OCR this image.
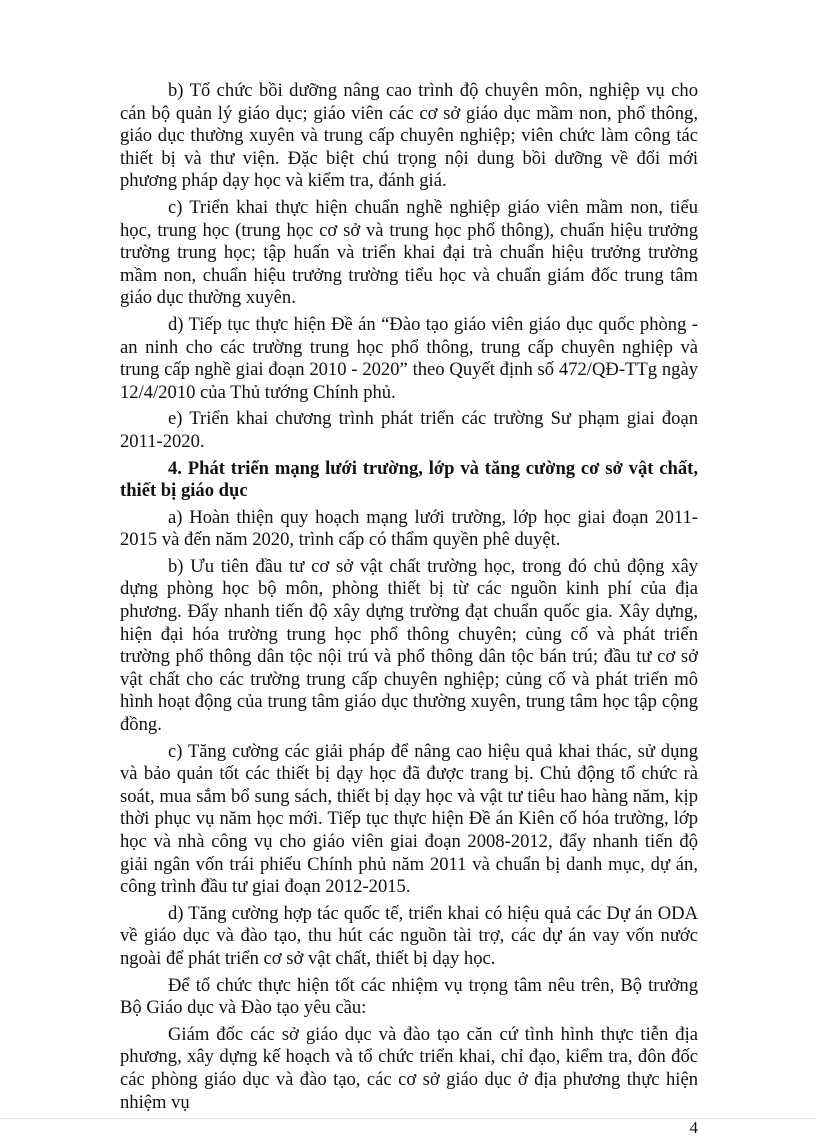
b) Tổ chức bồi dưỡng nâng cao trình độ chuyên môn, nghiệp vụ cho cán bộ quản lý giáo dục; giáo viên các cơ sở giáo dục mầm non, phổ thông, giáo dục thường xuyên và trung cấp chuyên nghiệp; viên chức làm công tác thiết bị và thư viện. Đặc biệt chú trọng nội dung bồi dưỡng về đổi mới phương pháp dạy học và kiểm tra, đánh giá.

c) Triển khai thực hiện chuẩn nghề nghiệp giáo viên mầm non, tiểu học, trung học (trung học cơ sở và trung học phổ thông), chuẩn hiệu trưởng trường trung học; tập huấn và triển khai đại trà chuẩn hiệu trưởng trường mầm non, chuẩn hiệu trưởng trường tiểu học và chuẩn giám đốc trung tâm giáo dục thường xuyên.

d) Tiếp tục thực hiện Đề án “Đào tạo giáo viên giáo dục quốc phòng - an ninh cho các trường trung học phổ thông, trung cấp chuyên nghiệp và trung cấp nghề giai đoạn 2010 - 2020” theo Quyết định số 472/QĐ-TTg ngày 12/4/2010 của Thủ tướng Chính phủ.

e) Triển khai chương trình phát triển các trường Sư phạm giai đoạn 2011-2020.

4. Phát triển mạng lưới trường, lớp và tăng cường cơ sở vật chất, thiết bị giáo dục

a) Hoàn thiện quy hoạch mạng lưới trường, lớp học giai đoạn 2011-2015 và đến năm 2020, trình cấp có thẩm quyền phê duyệt.

b) Ưu tiên đầu tư cơ sở vật chất trường học, trong đó chủ động xây dựng phòng học bộ môn, phòng thiết bị từ các nguồn kinh phí của địa phương. Đẩy nhanh tiến độ xây dựng trường đạt chuẩn quốc gia. Xây dựng, hiện đại hóa trường trung học phổ thông chuyên; củng cố và phát triển trường phổ thông dân tộc nội trú và phổ thông dân tộc bán trú; đầu tư cơ sở vật chất cho các trường trung cấp chuyên nghiệp; củng cố và phát triển mô hình hoạt động của trung tâm giáo dục thường xuyên, trung tâm học tập cộng đồng.

c) Tăng cường các giải pháp để nâng cao hiệu quả khai thác, sử dụng và bảo quản tốt các thiết bị dạy học đã được trang bị. Chủ động tổ chức rà soát, mua sắm bổ sung sách, thiết bị dạy học và vật tư tiêu hao hàng năm, kịp thời phục vụ năm học mới. Tiếp tục thực hiện Đề án Kiên cố hóa trường, lớp học và nhà công vụ cho giáo viên giai đoạn 2008-2012, đẩy nhanh tiến độ giải ngân vốn trái phiếu Chính phủ năm 2011 và chuẩn bị danh mục, dự án, công trình đầu tư giai đoạn 2012-2015.

d) Tăng cường hợp tác quốc tế, triển khai có hiệu quả các Dự án ODA về giáo dục và đào tạo, thu hút các nguồn tài trợ, các dự án vay vốn nước ngoài để phát triển cơ sở vật chất, thiết bị dạy học.

Để tổ chức thực hiện tốt các nhiệm vụ trọng tâm nêu trên, Bộ trưởng Bộ Giáo dục và Đào tạo yêu cầu:

Giám đốc các sở giáo dục và đào tạo căn cứ tình hình thực tiễn địa phương, xây dựng kế hoạch và tổ chức triển khai, chỉ đạo, kiểm tra, đôn đốc các phòng giáo dục và đào tạo, các cơ sở giáo dục ở địa phương thực hiện nhiệm vụ

4
